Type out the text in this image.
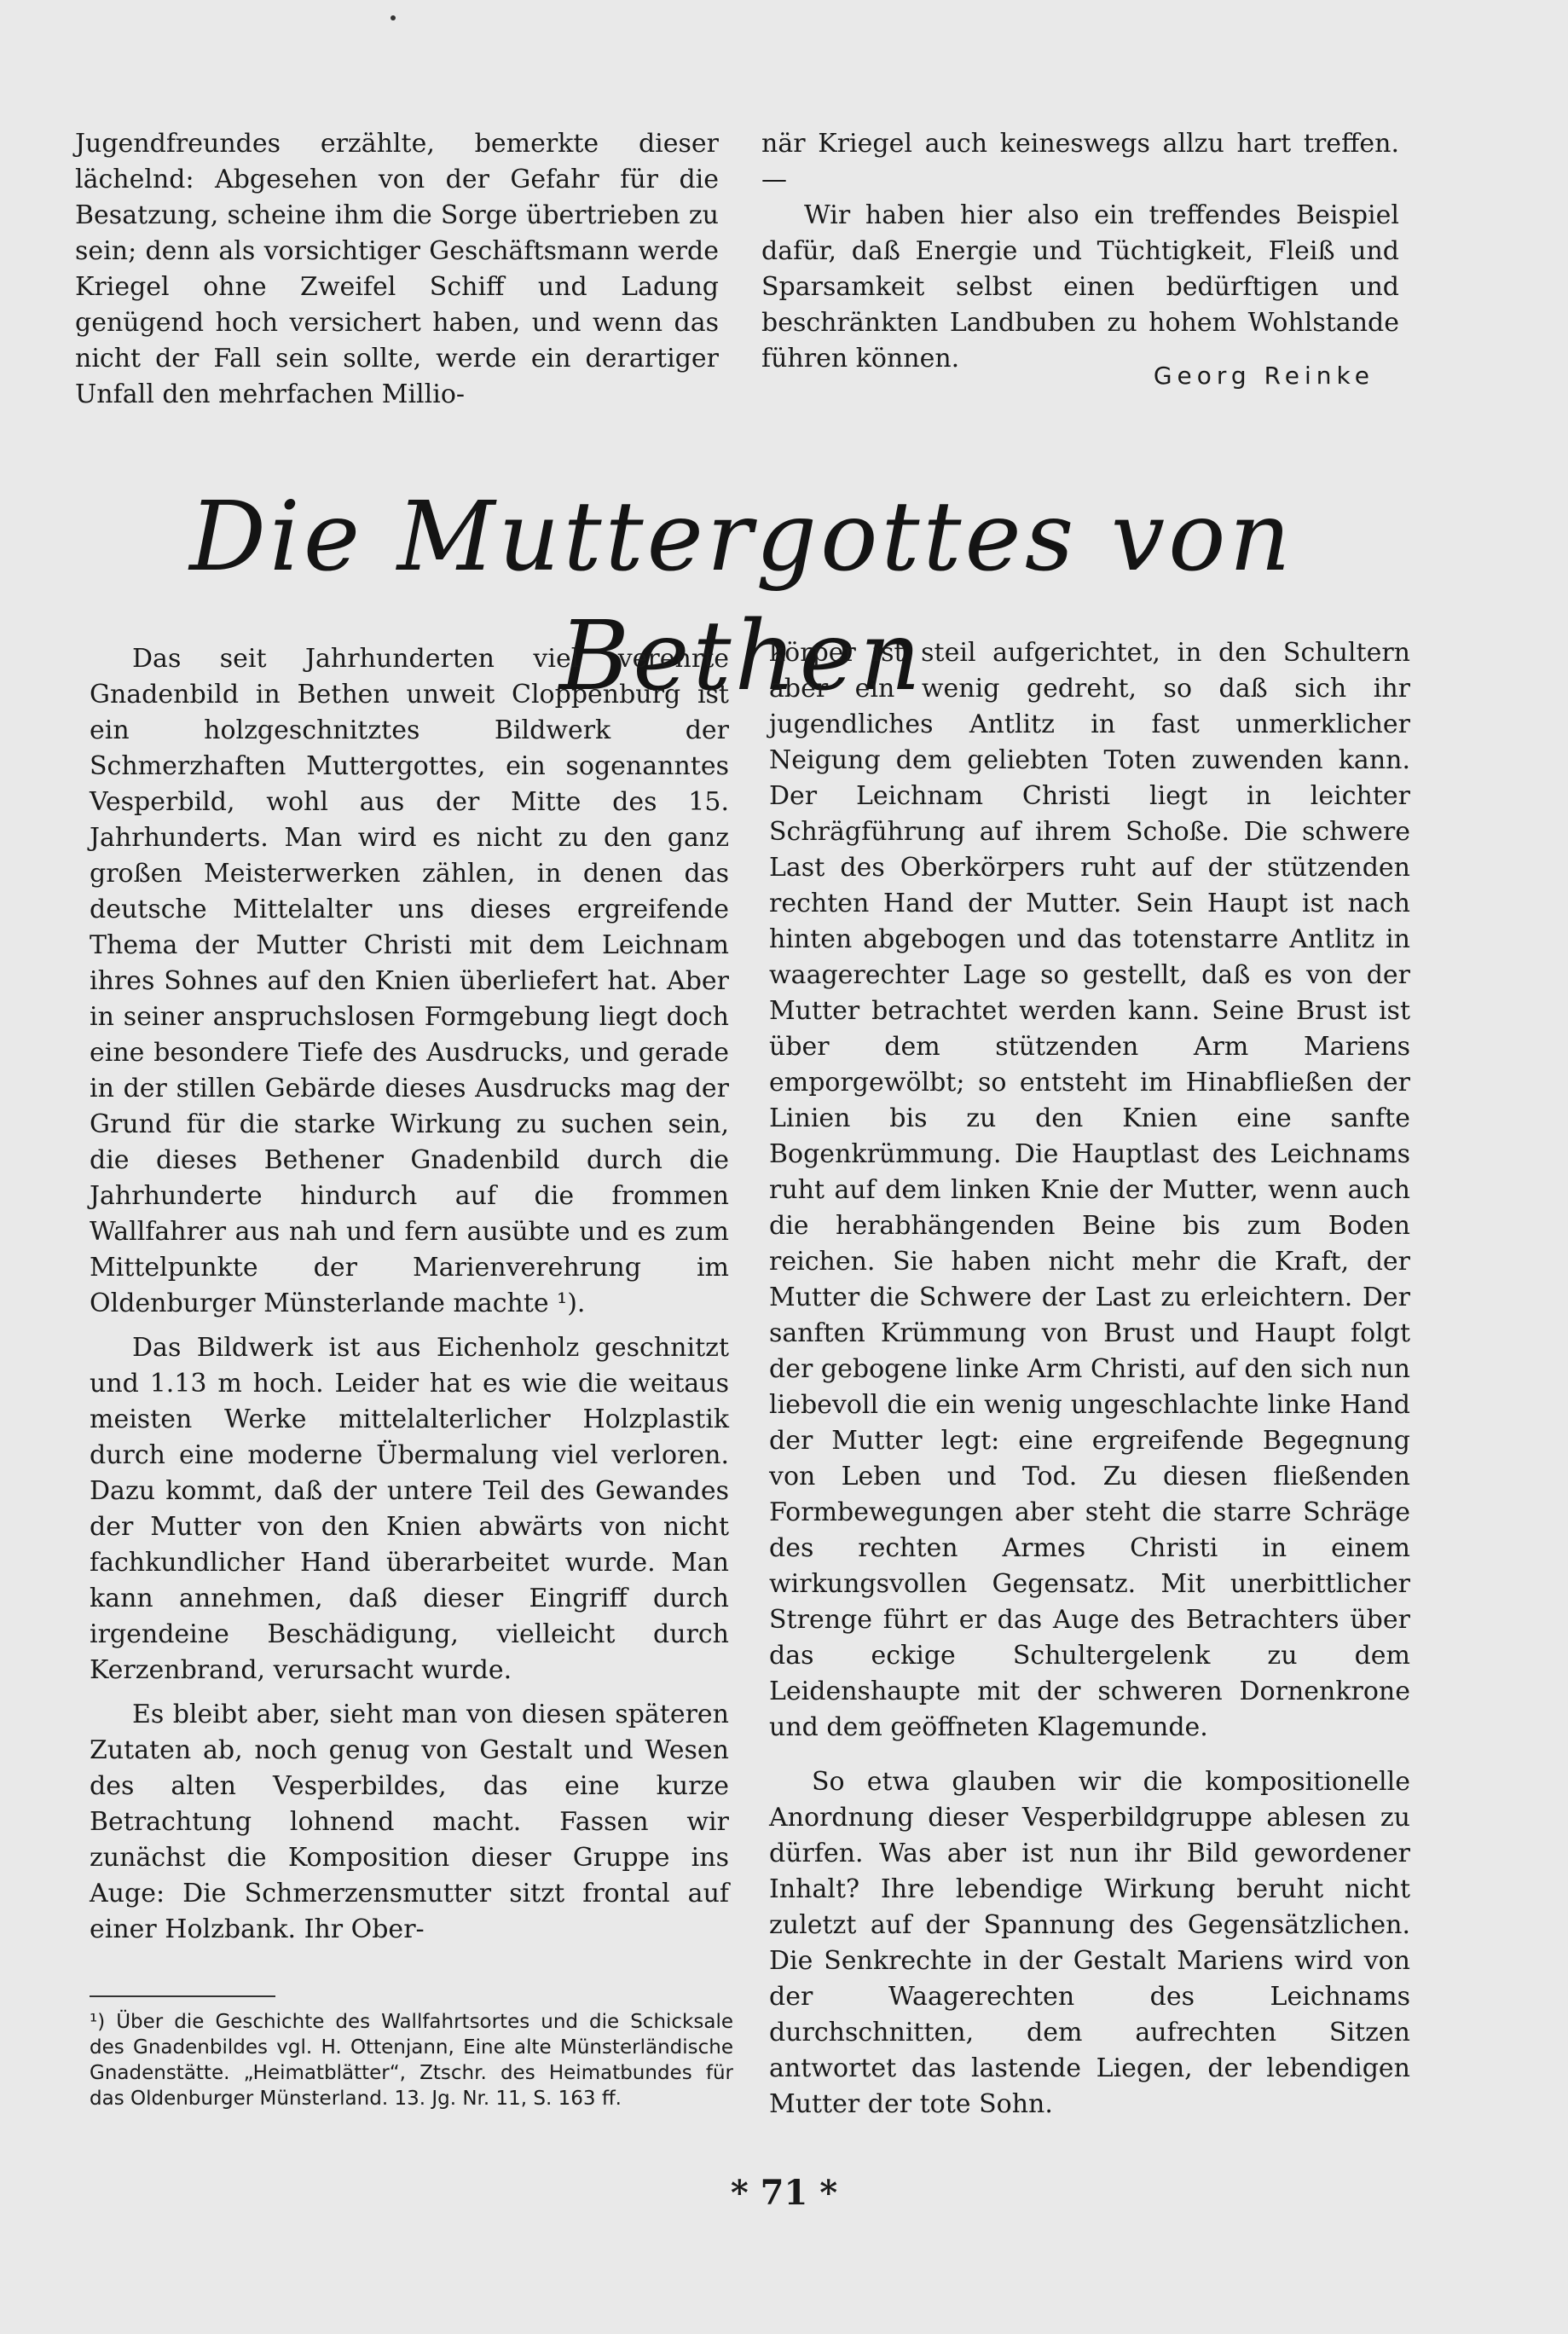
Jugendfreundes erzählte, bemerkte dieser lächelnd: Abgesehen von der Gefahr für die Besatzung, scheine ihm die Sorge übertrieben zu sein; denn als vorsichtiger Geschäftsmann werde Kriegel ohne Zweifel Schiff und Ladung genügend hoch versichert haben, und wenn das nicht der Fall sein sollte, werde ein derartiger Unfall den mehrfachen Millio-

när Kriegel auch keineswegs allzu hart treffen. —

Wir haben hier also ein treffendes Beispiel dafür, daß Energie und Tüchtigkeit, Fleiß und Sparsamkeit selbst einen bedürftigen und beschränkten Landbuben zu hohem Wohlstande führen können.

Georg Reinke
Die Muttergottes von Bethen

Das seit Jahrhunderten viel verehrte Gnadenbild in Bethen unweit Cloppenburg ist ein holzgeschnitztes Bildwerk der Schmerzhaften Muttergottes, ein sogenanntes Vesperbild, wohl aus der Mitte des 15. Jahrhunderts. Man wird es nicht zu den ganz großen Meisterwerken zählen, in denen das deutsche Mittelalter uns dieses ergreifende Thema der Mutter Christi mit dem Leichnam ihres Sohnes auf den Knien überliefert hat. Aber in seiner anspruchslosen Formgebung liegt doch eine besondere Tiefe des Ausdrucks, und gerade in der stillen Gebärde dieses Ausdrucks mag der Grund für die starke Wirkung zu suchen sein, die dieses Bethener Gnadenbild durch die Jahrhunderte hindurch auf die frommen Wallfahrer aus nah und fern ausübte und es zum Mittelpunkte der Marienverehrung im Oldenburger Münsterlande machte ¹).

Das Bildwerk ist aus Eichenholz geschnitzt und 1.13 m hoch. Leider hat es wie die weitaus meisten Werke mittelalterlicher Holzplastik durch eine moderne Übermalung viel verloren. Dazu kommt, daß der untere Teil des Gewandes der Mutter von den Knien abwärts von nicht fachkundlicher Hand überarbeitet wurde. Man kann annehmen, daß dieser Eingriff durch irgendeine Beschädigung, vielleicht durch Kerzenbrand, verursacht wurde.

Es bleibt aber, sieht man von diesen späteren Zutaten ab, noch genug von Gestalt und Wesen des alten Vesperbildes, das eine kurze Betrachtung lohnend macht. Fassen wir zunächst die Komposition dieser Gruppe ins Auge: Die Schmerzensmutter sitzt frontal auf einer Holzbank. Ihr Ober-

körper ist steil aufgerichtet, in den Schultern aber ein wenig gedreht, so daß sich ihr jugendliches Antlitz in fast unmerklicher Neigung dem geliebten Toten zuwenden kann. Der Leichnam Christi liegt in leichter Schrägführung auf ihrem Schoße. Die schwere Last des Oberkörpers ruht auf der stützenden rechten Hand der Mutter. Sein Haupt ist nach hinten abgebogen und das totenstarre Antlitz in waagerechter Lage so gestellt, daß es von der Mutter betrachtet werden kann. Seine Brust ist über dem stützenden Arm Mariens emporgewölbt; so entsteht im Hinabfließen der Linien bis zu den Knien eine sanfte Bogenkrümmung. Die Hauptlast des Leichnams ruht auf dem linken Knie der Mutter, wenn auch die herabhängenden Beine bis zum Boden reichen. Sie haben nicht mehr die Kraft, der Mutter die Schwere der Last zu erleichtern. Der sanften Krümmung von Brust und Haupt folgt der gebogene linke Arm Christi, auf den sich nun liebevoll die ein wenig ungeschlachte linke Hand der Mutter legt: eine ergreifende Begegnung von Leben und Tod. Zu diesen fließenden Formbewegungen aber steht die starre Schräge des rechten Armes Christi in einem wirkungsvollen Gegensatz. Mit unerbittlicher Strenge führt er das Auge des Betrachters über das eckige Schultergelenk zu dem Leidenshaupte mit der schweren Dornenkrone und dem geöffneten Klagemunde.

So etwa glauben wir die kompositionelle Anordnung dieser Vesperbildgruppe ablesen zu dürfen. Was aber ist nun ihr Bild gewordener Inhalt? Ihre lebendige Wirkung beruht nicht zuletzt auf der Spannung des Gegensätzlichen. Die Senkrechte in der Gestalt Mariens wird von der Waagerechten des Leichnams durchschnitten, dem aufrechten Sitzen antwortet das lastende Liegen, der lebendigen Mutter der tote Sohn.

¹) Über die Geschichte des Wallfahrtsortes und die Schicksale des Gnadenbildes vgl. H. Ottenjann, Eine alte Münsterländische Gnadenstätte. „Heimatblätter“, Ztschr. des Heimatbundes für das Oldenburger Münsterland. 13. Jg. Nr. 11, S. 163 ff.
* 71 *
